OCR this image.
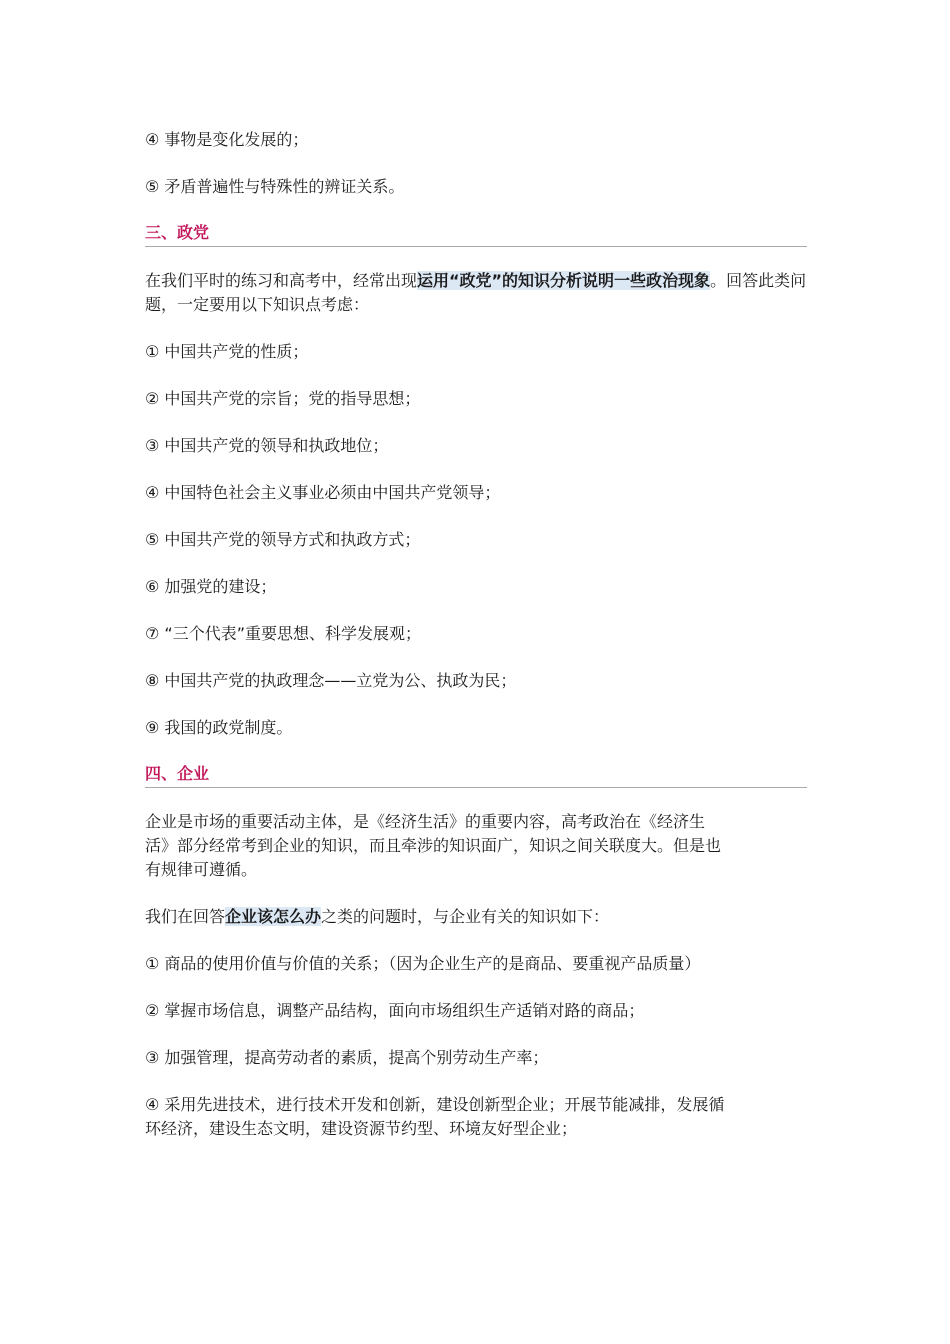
④ 事物是变化发展的；

⑤ 矛盾普遍性与特殊性的辨证关系。

三、政党

在我们平时的练习和高考中，经常出现运用“政党”的知识分析说明一些政治现象。回答此类问题，一定要用以下知识点考虑：

① 中国共产党的性质；

② 中国共产党的宗旨；党的指导思想；

③ 中国共产党的领导和执政地位；

④ 中国特色社会主义事业必须由中国共产党领导；

⑤ 中国共产党的领导方式和执政方式；

⑥ 加强党的建设；

⑦ “三个代表”重要思想、科学发展观；

⑧ 中国共产党的执政理念——立党为公、执政为民；

⑨ 我国的政党制度。

四、企业

企业是市场的重要活动主体，是《经济生活》的重要内容，高考政治在《经济生

活》部分经常考到企业的知识，而且牵涉的知识面广，知识之间关联度大。但是也

有规律可遵循。

我们在回答企业该怎么办之类的问题时，与企业有关的知识如下：

① 商品的使用价值与价值的关系；（因为企业生产的是商品、要重视产品质量）

② 掌握市场信息，调整产品结构，面向市场组织生产适销对路的商品；

③ 加强管理，提高劳动者的素质，提高个别劳动生产率；

④ 采用先进技术，进行技术开发和创新，建设创新型企业；开展节能减排，发展循

环经济，建设生态文明，建设资源节约型、环境友好型企业；
